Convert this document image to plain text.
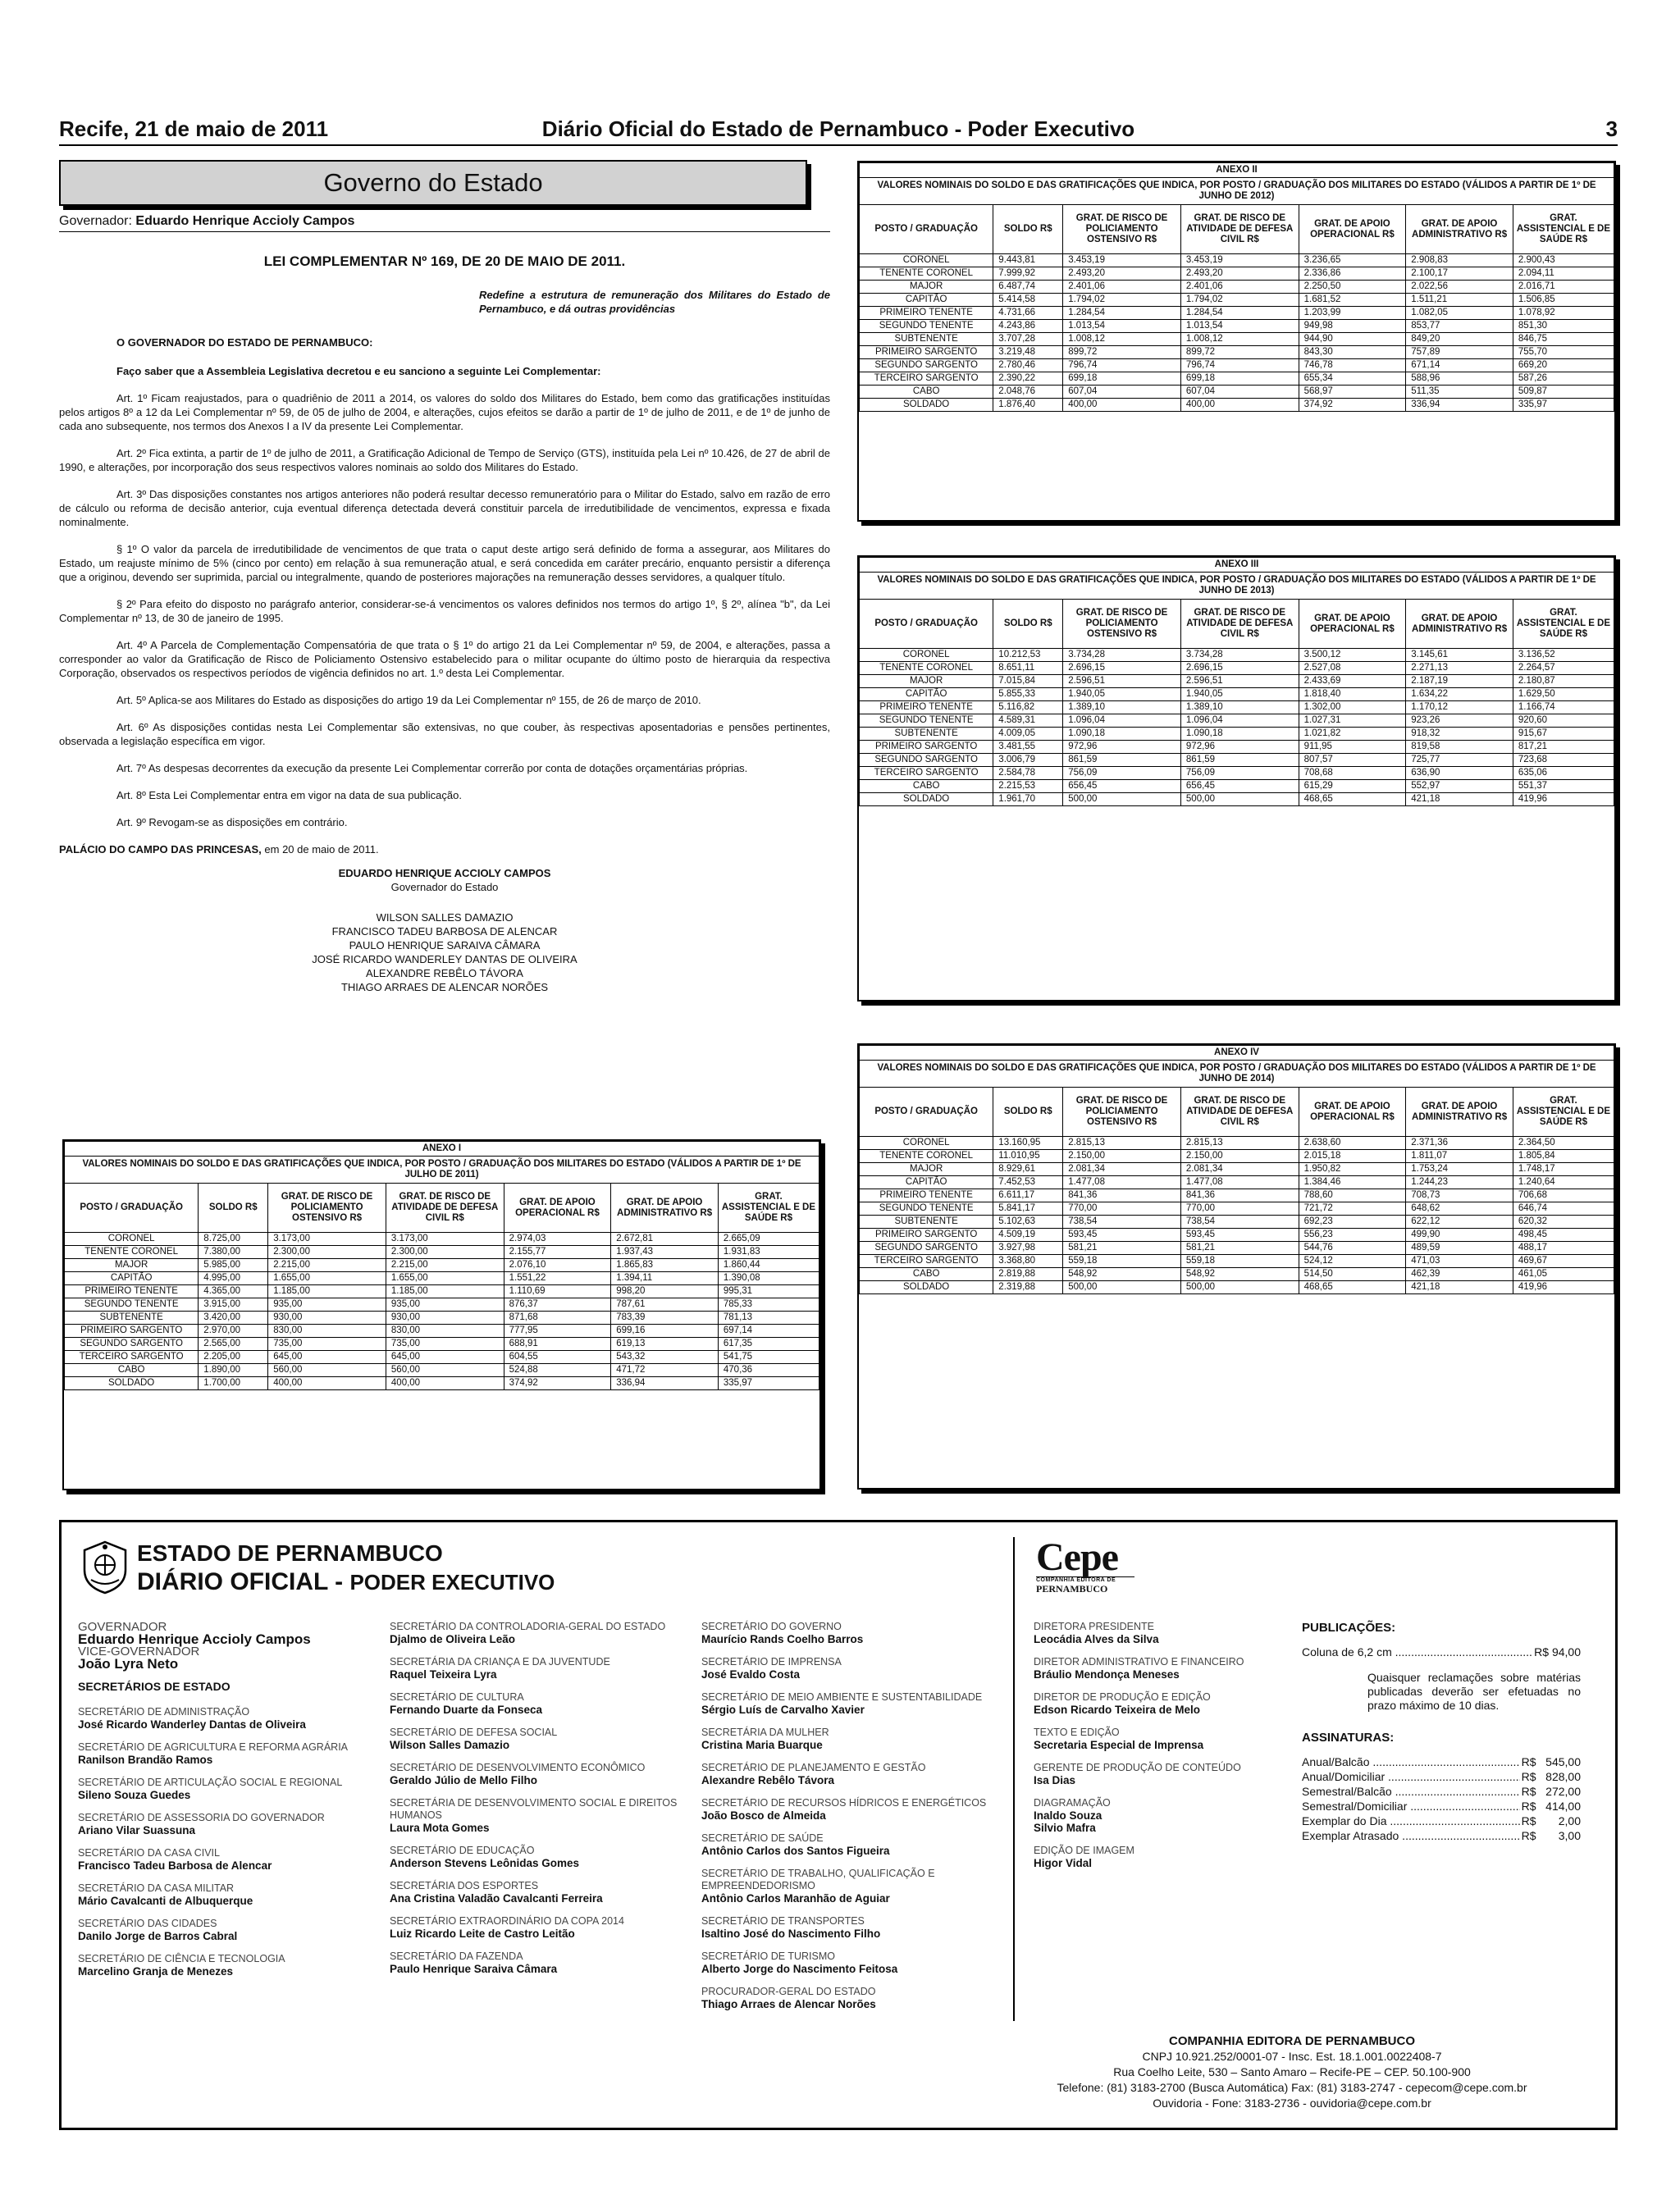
Diário Oficial do Estado de Pernambuco - Poder Executivo
Recife, 21 de maio de 2011	3
Governo do Estado
Governador: Eduardo Henrique Accioly Campos
LEI COMPLEMENTAR Nº 169, DE 20 DE MAIO DE 2011.
Redefine a estrutura de remuneração dos Militares do Estado de Pernambuco, e dá outras providências
O GOVERNADOR DO ESTADO DE PERNAMBUCO:
Faço saber que a Assembleia Legislativa decretou e eu sanciono a seguinte Lei Complementar:
Art. 1º Ficam reajustados, para o quadriênio de 2011 a 2014, os valores do soldo dos Militares do Estado, bem como das gratificações instituídas pelos artigos 8º a 12 da Lei Complementar nº 59, de 05 de julho de 2004, e alterações, cujos efeitos se darão a partir de 1º de julho de 2011, e de 1º de junho de cada ano subsequente, nos termos dos Anexos I a IV da presente Lei Complementar.
Art. 2º Fica extinta, a partir de 1º de julho de 2011, a Gratificação Adicional de Tempo de Serviço (GTS), instituída pela Lei nº 10.426, de 27 de abril de 1990, e alterações, por incorporação dos seus respectivos valores nominais ao soldo dos Militares do Estado.
Art. 3º Das disposições constantes nos artigos anteriores não poderá resultar decesso remuneratório para o Militar do Estado, salvo em razão de erro de cálculo ou reforma de decisão anterior, cuja eventual diferença detectada deverá constituir parcela de irredutibilidade de vencimentos, expressa e fixada nominalmente.
§ 1º O valor da parcela de irredutibilidade de vencimentos de que trata o caput deste artigo será definido de forma a assegurar, aos Militares do Estado, um reajuste mínimo de 5% (cinco por cento) em relação à sua remuneração atual, e será concedida em caráter precário, enquanto persistir a diferença que a originou, devendo ser suprimida, parcial ou integralmente, quando de posteriores majorações na remuneração desses servidores, a qualquer título.
§ 2º Para efeito do disposto no parágrafo anterior, considerar-se-á vencimentos os valores definidos nos termos do artigo 1º, § 2º, alínea "b", da Lei Complementar nº 13, de 30 de janeiro de 1995.
Art. 4º A Parcela de Complementação Compensatória de que trata o § 1º do artigo 21 da Lei Complementar nº 59, de 2004, e alterações, passa a corresponder ao valor da Gratificação de Risco de Policiamento Ostensivo estabelecido para o militar ocupante do último posto de hierarquia da respectiva Corporação, observados os respectivos períodos de vigência definidos no art. 1.º desta Lei Complementar.
Art. 5º Aplica-se aos Militares do Estado as disposições do artigo 19 da Lei Complementar nº 155, de 26 de março de 2010.
Art. 6º As disposições contidas nesta Lei Complementar são extensivas, no que couber, às respectivas aposentadorias e pensões pertinentes, observada a legislação específica em vigor.
Art. 7º As despesas decorrentes da execução da presente Lei Complementar correrão por conta de dotações orçamentárias próprias.
Art. 8º Esta Lei Complementar entra em vigor na data de sua publicação.
Art. 9º Revogam-se as disposições em contrário.
PALÁCIO DO CAMPO DAS PRINCESAS, em 20 de maio de 2011.
EDUARDO HENRIQUE ACCIOLY CAMPOS
Governador do Estado
WILSON SALLES DAMAZIO
FRANCISCO TADEU BARBOSA DE ALENCAR
PAULO HENRIQUE SARAIVA CÂMARA
JOSÉ RICARDO WANDERLEY DANTAS DE OLIVEIRA
ALEXANDRE REBÊLO TÁVORA
THIAGO ARRAES DE ALENCAR NORÕES
ANEXO I						
VALORES NOMINAIS DO SOLDO E DAS GRATIFICAÇÕES QUE INDICA, POR POSTO / GRADUAÇÃO DOS MILITARES DO ESTADO (VÁLIDOS A PARTIR DE 1º DE JULHO DE 2011)						
POSTO / GRADUAÇÃO	SOLDO R$	GRAT. DE RISCO DE POLICIAMENTO OSTENSIVO R$	GRAT. DE RISCO DE ATIVIDADE DE DEFESA CIVIL R$	GRAT. DE APOIO OPERACIONAL R$	GRAT. DE APOIO ADMINISTRATIVO R$	GRAT. ASSISTENCIAL E DE SAÚDE R$
CORONEL	8.725,00	3.173,00	3.173,00	2.974,03	2.672,81	2.665,09
TENENTE CORONEL	7.380,00	2.300,00	2.300,00	2.155,77	1.937,43	1.931,83
MAJOR	5.985,00	2.215,00	2.215,00	2.076,10	1.865,83	1.860,44
CAPITÃO	4.995,00	1.655,00	1.655,00	1.551,22	1.394,11	1.390,08
PRIMEIRO TENENTE	4.365,00	1.185,00	1.185,00	1.110,69	998,20	995,31
SEGUNDO TENENTE	3.915,00	935,00	935,00	876,37	787,61	785,33
SUBTENENTE	3.420,00	930,00	930,00	871,68	783,39	781,13
PRIMEIRO SARGENTO	2.970,00	830,00	830,00	777,95	699,16	697,14
SEGUNDO SARGENTO	2.565,00	735,00	735,00	688,91	619,13	617,35
TERCEIRO SARGENTO	2.205,00	645,00	645,00	604,55	543,32	541,75
CABO	1.890,00	560,00	560,00	524,88	471,72	470,36
SOLDADO	1.700,00	400,00	400,00	374,92	336,94	335,97
ANEXO II						
VALORES NOMINAIS DO SOLDO E DAS GRATIFICAÇÕES QUE INDICA, POR POSTO / GRADUAÇÃO DOS MILITARES DO ESTADO (VÁLIDOS A PARTIR DE 1º DE JUNHO DE 2012)						
POSTO / GRADUAÇÃO	SOLDO R$	GRAT. DE RISCO DE POLICIAMENTO OSTENSIVO R$	GRAT. DE RISCO DE ATIVIDADE DE DEFESA CIVIL R$	GRAT. DE APOIO OPERACIONAL R$	GRAT. DE APOIO ADMINISTRATIVO R$	GRAT. ASSISTENCIAL E DE SAÚDE R$
CORONEL	9.443,81	3.453,19	3.453,19	3.236,65	2.908,83	2.900,43
TENENTE CORONEL	7.999,92	2.493,20	2.493,20	2.336,86	2.100,17	2.094,11
MAJOR	6.487,74	2.401,06	2.401,06	2.250,50	2.022,56	2.016,71
CAPITÃO	5.414,58	1.794,02	1.794,02	1.681,52	1.511,21	1.506,85
PRIMEIRO TENENTE	4.731,66	1.284,54	1.284,54	1.203,99	1.082,05	1.078,92
SEGUNDO TENENTE	4.243,86	1.013,54	1.013,54	949,98	853,77	851,30
SUBTENENTE	3.707,28	1.008,12	1.008,12	944,90	849,20	846,75
PRIMEIRO SARGENTO	3.219,48	899,72	899,72	843,30	757,89	755,70
SEGUNDO SARGENTO	2.780,46	796,74	796,74	746,78	671,14	669,20
TERCEIRO SARGENTO	2.390,22	699,18	699,18	655,34	588,96	587,26
CABO	2.048,76	607,04	607,04	568,97	511,35	509,87
SOLDADO	1.876,40	400,00	400,00	374,92	336,94	335,97
ANEXO III						
VALORES NOMINAIS DO SOLDO E DAS GRATIFICAÇÕES QUE INDICA, POR POSTO / GRADUAÇÃO DOS MILITARES DO ESTADO (VÁLIDOS A PARTIR DE 1º DE JUNHO DE 2013)						
POSTO / GRADUAÇÃO	SOLDO R$	GRAT. DE RISCO DE POLICIAMENTO OSTENSIVO R$	GRAT. DE RISCO DE ATIVIDADE DE DEFESA CIVIL R$	GRAT. DE APOIO OPERACIONAL R$	GRAT. DE APOIO ADMINISTRATIVO R$	GRAT. ASSISTENCIAL E DE SAÚDE R$
CORONEL	10.212,53	3.734,28	3.734,28	3.500,12	3.145,61	3.136,52
TENENTE CORONEL	8.651,11	2.696,15	2.696,15	2.527,08	2.271,13	2.264,57
MAJOR	7.015,84	2.596,51	2.596,51	2.433,69	2.187,19	2.180,87
CAPITÃO	5.855,33	1.940,05	1.940,05	1.818,40	1.634,22	1.629,50
PRIMEIRO TENENTE	5.116,82	1.389,10	1.389,10	1.302,00	1.170,12	1.166,74
SEGUNDO TENENTE	4.589,31	1.096,04	1.096,04	1.027,31	923,26	920,60
SUBTENENTE	4.009,05	1.090,18	1.090,18	1.021,82	918,32	915,67
PRIMEIRO SARGENTO	3.481,55	972,96	972,96	911,95	819,58	817,21
SEGUNDO SARGENTO	3.006,79	861,59	861,59	807,57	725,77	723,68
TERCEIRO SARGENTO	2.584,78	756,09	756,09	708,68	636,90	635,06
CABO	2.215,53	656,45	656,45	615,29	552,97	551,37
SOLDADO	1.961,70	500,00	500,00	468,65	421,18	419,96
ANEXO IV						
VALORES NOMINAIS DO SOLDO E DAS GRATIFICAÇÕES QUE INDICA, POR POSTO / GRADUAÇÃO DOS MILITARES DO ESTADO (VÁLIDOS A PARTIR DE 1º DE JUNHO DE 2014)						
POSTO / GRADUAÇÃO	SOLDO R$	GRAT. DE RISCO DE POLICIAMENTO OSTENSIVO R$	GRAT. DE RISCO DE ATIVIDADE DE DEFESA CIVIL R$	GRAT. DE APOIO OPERACIONAL R$	GRAT. DE APOIO ADMINISTRATIVO R$	GRAT. ASSISTENCIAL E DE SAÚDE R$
CORONEL	13.160,95	2.815,13	2.815,13	2.638,60	2.371,36	2.364,50
TENENTE CORONEL	11.010,95	2.150,00	2.150,00	2.015,18	1.811,07	1.805,84
MAJOR	8.929,61	2.081,34	2.081,34	1.950,82	1.753,24	1.748,17
CAPITÃO	7.452,53	1.477,08	1.477,08	1.384,46	1.244,23	1.240,64
PRIMEIRO TENENTE	6.611,17	841,36	841,36	788,60	708,73	706,68
SEGUNDO TENENTE	5.841,17	770,00	770,00	721,72	648,62	646,74
SUBTENENTE	5.102,63	738,54	738,54	692,23	622,12	620,32
PRIMEIRO SARGENTO	4.509,19	593,45	593,45	556,23	499,90	498,45
SEGUNDO SARGENTO	3.927,98	581,21	581,21	544,76	489,59	488,17
TERCEIRO SARGENTO	3.368,80	559,18	559,18	524,12	471,03	469,67
CABO	2.819,88	548,92	548,92	514,50	462,39	461,05
SOLDADO	2.319,88	500,00	500,00	468,65	421,18	419,96
ESTADO DE PERNAMBUCO
DIÁRIO OFICIAL - PODER EXECUTIVO
GOVERNADOR
Eduardo Henrique Accioly Campos
VICE-GOVERNADOR
João Lyra Neto
SECRETÁRIOS DE ESTADO
SECRETÁRIO DE ADMINISTRAÇÃO
José Ricardo Wanderley Dantas de Oliveira
SECRETÁRIO DE AGRICULTURA E REFORMA AGRÁRIA
Ranilson Brandão Ramos
SECRETÁRIO DE ARTICULAÇÃO SOCIAL E REGIONAL
Sileno Souza Guedes
SECRETÁRIO DE ASSESSORIA DO GOVERNADOR
Ariano Vilar Suassuna
SECRETÁRIO DA CASA CIVIL
Francisco Tadeu Barbosa de Alencar
SECRETÁRIO DA CASA MILITAR
Mário Cavalcanti de Albuquerque
SECRETÁRIO DAS CIDADES
Danilo Jorge de Barros Cabral
SECRETÁRIO DE CIÊNCIA E TECNOLOGIA
Marcelino Granja de Menezes
SECRETÁRIO DA CONTROLADORIA-GERAL DO ESTADO
Djalmo de Oliveira Leão
SECRETÁRIA DA CRIANÇA E DA JUVENTUDE
Raquel Teixeira Lyra
SECRETÁRIO DE CULTURA
Fernando Duarte da Fonseca
SECRETÁRIO DE DEFESA SOCIAL
Wilson Salles Damazio
SECRETÁRIO DE DESENVOLVIMENTO ECONÔMICO
Geraldo Júlio de Mello Filho
SECRETÁRIA DE DESENVOLVIMENTO SOCIAL E DIREITOS HUMANOS
Laura Mota Gomes
SECRETÁRIO DE EDUCAÇÃO
Anderson Stevens Leônidas Gomes
SECRETÁRIA DOS ESPORTES
Ana Cristina Valadão Cavalcanti Ferreira
SECRETÁRIO EXTRAORDINÁRIO DA COPA 2014
Luiz Ricardo Leite de Castro Leitão
SECRETÁRIO DA FAZENDA
Paulo Henrique Saraiva Câmara
SECRETÁRIO DO GOVERNO
Maurício Rands Coelho Barros
SECRETÁRIO DE IMPRENSA
José Evaldo Costa
SECRETÁRIO DE MEIO AMBIENTE E SUSTENTABILIDADE
Sérgio Luís de Carvalho Xavier
SECRETÁRIA DA MULHER
Cristina Maria Buarque
SECRETÁRIO DE PLANEJAMENTO E GESTÃO
Alexandre Rebêlo Távora
SECRETÁRIO DE RECURSOS HÍDRICOS E ENERGÉTICOS
João Bosco de Almeida
SECRETÁRIO DE SAÚDE
Antônio Carlos dos Santos Figueira
SECRETÁRIO DE TRABALHO, QUALIFICAÇÃO E EMPREENDEDORISMO
Antônio Carlos Maranhão de Aguiar
SECRETÁRIO DE TRANSPORTES
Isaltino José do Nascimento Filho
SECRETÁRIO DE TURISMO
Alberto Jorge do Nascimento Feitosa
PROCURADOR-GERAL DO ESTADO
Thiago Arraes de Alencar Norões
Cepe
COMPANHIA EDITORA DE
PERNAMBUCO
DIRETORA PRESIDENTE
Leocádia Alves da Silva
DIRETOR ADMINISTRATIVO E FINANCEIRO
Bráulio Mendonça Meneses
DIRETOR DE PRODUÇÃO E EDIÇÃO
Edson Ricardo Teixeira de Melo
TEXTO E EDIÇÃO
Secretaria Especial de Imprensa
GERENTE DE PRODUÇÃO DE CONTEÚDO
Isa Dias
DIAGRAMAÇÃO
Inaldo Souza
Silvio Mafra
EDIÇÃO DE IMAGEM
Higor Vidal
PUBLICAÇÕES:
Coluna de 6,2 cm .....	R$ 94,00
Quaisquer reclamações sobre matérias publicadas deverão ser efetuadas no prazo máximo de 10 dias.
ASSINATURAS:
Anual/Balcão .....	R$   545,00
Anual/Domiciliar .....	R$   828,00
Semestral/Balcão .....	R$   272,00
Semestral/Domiciliar .....	R$   414,00
Exemplar do Dia .....	R$       2,00
Exemplar Atrasado .....	R$       3,00
COMPANHIA EDITORA DE PERNAMBUCO
CNPJ 10.921.252/0001-07 - Insc. Est. 18.1.001.0022408-7
Rua Coelho Leite, 530 – Santo Amaro – Recife-PE – CEP. 50.100-900
Telefone: (81) 3183-2700 (Busca Automática) Fax: (81) 3183-2747 - cepecom@cepe.com.br
Ouvidoria - Fone: 3183-2736 - ouvidoria@cepe.com.br
